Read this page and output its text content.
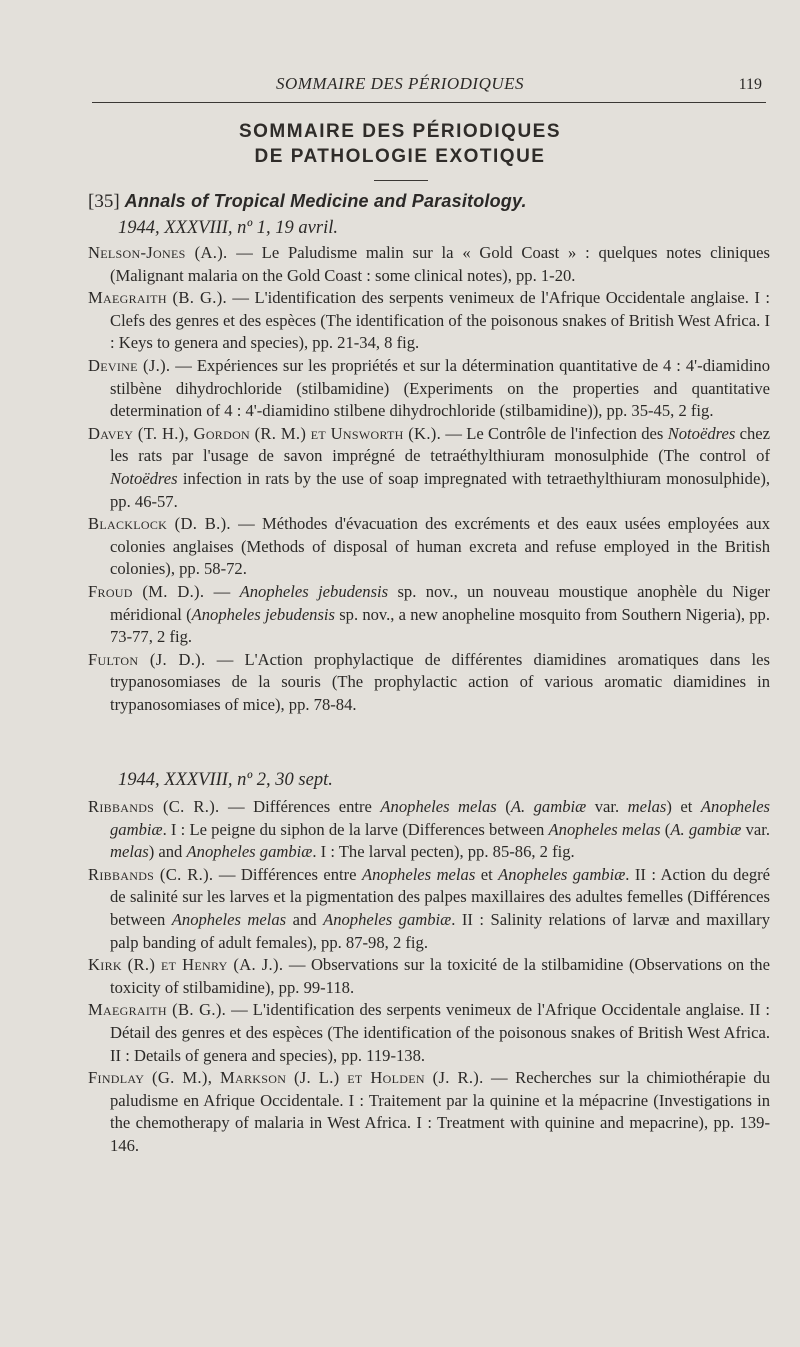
SOMMAIRE DES PÉRIODIQUES	119
SOMMAIRE DES PÉRIODIQUES
DE PATHOLOGIE EXOTIQUE
[35] Annals of Tropical Medicine and Parasitology.
1944, XXXVIII, nº 1, 19 avril.

Nelson-Jones (A.). — Le Paludisme malin sur la « Gold Coast » : quelques notes cliniques (Malignant malaria on the Gold Coast : some clinical notes), pp. 1-20.

Maegraith (B. G.). — L'identification des serpents venimeux de l'Afrique Occidentale anglaise. I : Clefs des genres et des espèces (The identification of the poisonous snakes of British West Africa. I : Keys to genera and species), pp. 21-34, 8 fig.

Devine (J.). — Expériences sur les propriétés et sur la détermination quantitative de 4 : 4'-diamidino stilbène dihydrochloride (stilbamidine) (Experiments on the properties and quantitative determination of 4 : 4'-diamidino stilbene dihydrochloride (stilbamidine)), pp. 35-45, 2 fig.

Davey (T. H.), Gordon (R. M.) et Unsworth (K.). — Le Contrôle de l'infection des Notoëdres chez les rats par l'usage de savon imprégné de tetraéthylthiuram monosulphide (The control of Notoëdres infection in rats by the use of soap impregnated with tetraethylthiuram monosulphide), pp. 46-57.

Blacklock (D. B.). — Méthodes d'évacuation des excréments et des eaux usées employées aux colonies anglaises (Methods of disposal of human excreta and refuse employed in the British colonies), pp. 58-72.

Froud (M. D.). — Anopheles jebudensis sp. nov., un nouveau moustique anophèle du Niger méridional (Anopheles jebudensis sp. nov., a new anopheline mosquito from Southern Nigeria), pp. 73-77, 2 fig.

Fulton (J. D.). — L'Action prophylactique de différentes diamidines aromatiques dans les trypanosomiases de la souris (The prophylactic action of various aromatic diamidines in trypanosomiases of mice), pp. 78-84.

1944, XXXVIII, nº 2, 30 sept.

Ribbands (C. R.). — Différences entre Anopheles melas (A. gambiæ var. melas) et Anopheles gambiæ. I : Le peigne du siphon de la larve (Differences between Anopheles melas (A. gambiæ var. melas) and Anopheles gambiæ. I : The larval pecten), pp. 85-86, 2 fig.

Ribbands (C. R.). — Différences entre Anopheles melas et Anopheles gambiæ. II : Action du degré de salinité sur les larves et la pigmentation des palpes maxillaires des adultes femelles (Différences between Anopheles melas and Anopheles gambiæ. II : Salinity relations of larvæ and maxillary palp banding of adult females), pp. 87-98, 2 fig.

Kirk (R.) et Henry (A. J.). — Observations sur la toxicité de la stilbamidine (Observations on the toxicity of stilbamidine), pp. 99-118.

Maegraith (B. G.). — L'identification des serpents venimeux de l'Afrique Occidentale anglaise. II : Détail des genres et des espèces (The identification of the poisonous snakes of British West Africa. II : Details of genera and species), pp. 119-138.

Findlay (G. M.), Markson (J. L.) et Holden (J. R.). — Recherches sur la chimiothérapie du paludisme en Afrique Occidentale. I : Traitement par la quinine et la mépacrine (Investigations in the chemotherapy of malaria in West Africa. I : Treatment with quinine and mepacrine), pp. 139-146.
